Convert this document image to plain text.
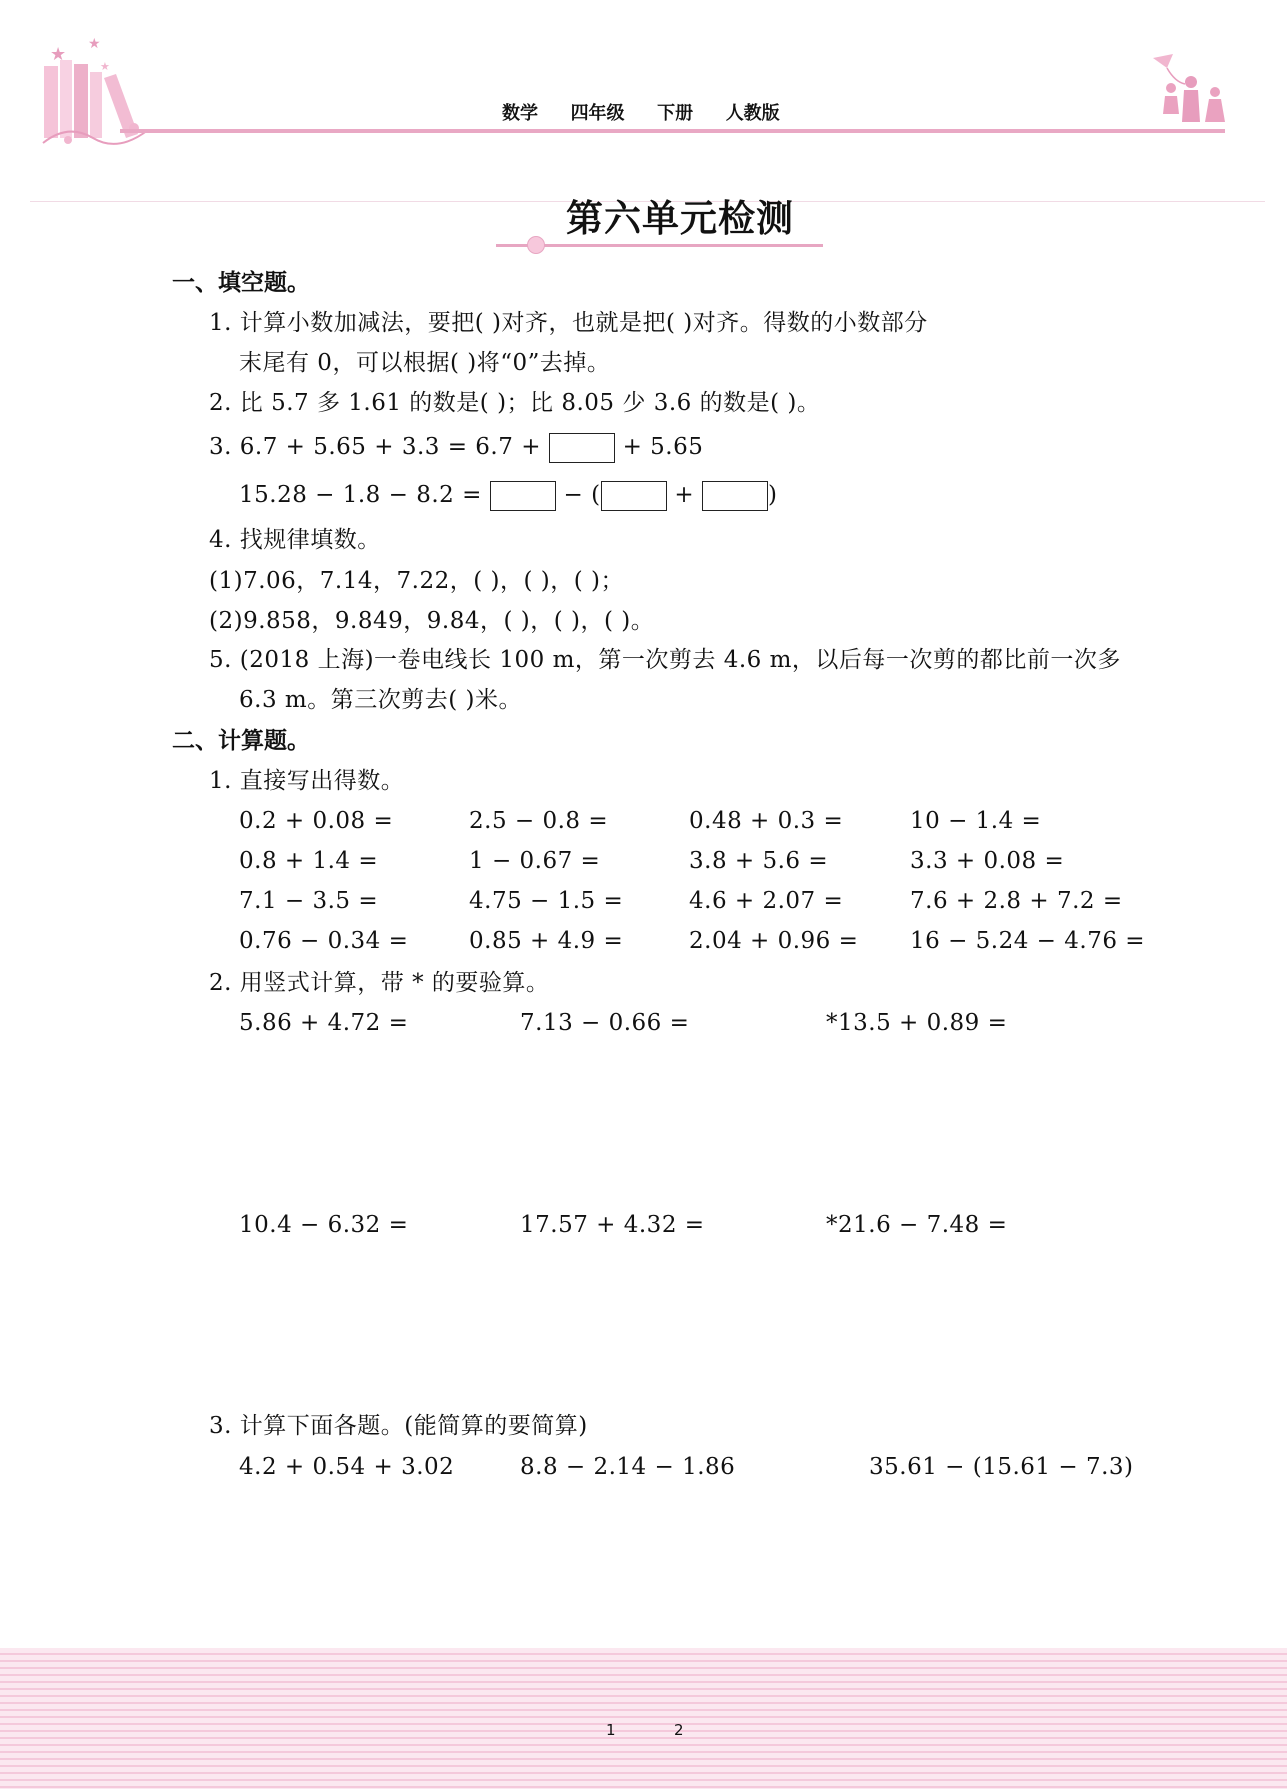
★ ★
★
数学 四年级 下册 人教版
第六单元检测
一、填空题。
1. 计算小数加减法，要把( )对齐，也就是把( )对齐。得数的小数部分
末尾有 0，可以根据( )将“0”去掉。
2. 比 5.7 多 1.61 的数是( )；比 8.05 少 3.6 的数是( )。
3. 6.7 + 5.65 + 3.3 = 6.7 +	+ 5.65
15.28 − 1.8 − 8.2 =	− (	+	)
4. 找规律填数。
(1)7.06，7.14，7.22，( )，( )，( )；
(2)9.858，9.849，9.84，( )，( )，( )。
5. (2018 上海)一卷电线长 100 m，第一次剪去 4.6 m，以后每一次剪的都比前一次多
6.3 m。第三次剪去( )米。
二、计算题。
1. 直接写出得数。
0.2 + 0.08 =	2.5 − 0.8 =	0.48 + 0.3 =	10 − 1.4 =
0.8 + 1.4 =	1 − 0.67 =	3.8 + 5.6 =	3.3 + 0.08 =
7.1 − 3.5 =	4.75 − 1.5 =	4.6 + 2.07 =	7.6 + 2.8 + 7.2 =
0.76 − 0.34 =	0.85 + 4.9 =	2.04 + 0.96 = 16 − 5.24 − 4.76 =
2. 用竖式计算，带 * 的要验算。
5.86 + 4.72 =	7.13 − 0.66 =	*13.5 + 0.89 =
10.4 − 6.32 =	17.57 + 4.32 =	*21.6 − 7.48 =
3. 计算下面各题。(能简算的要简算)
4.2 + 0.54 + 3.02	8.8 − 2.14 − 1.86	35.61 − (15.61 − 7.3)
1	2
